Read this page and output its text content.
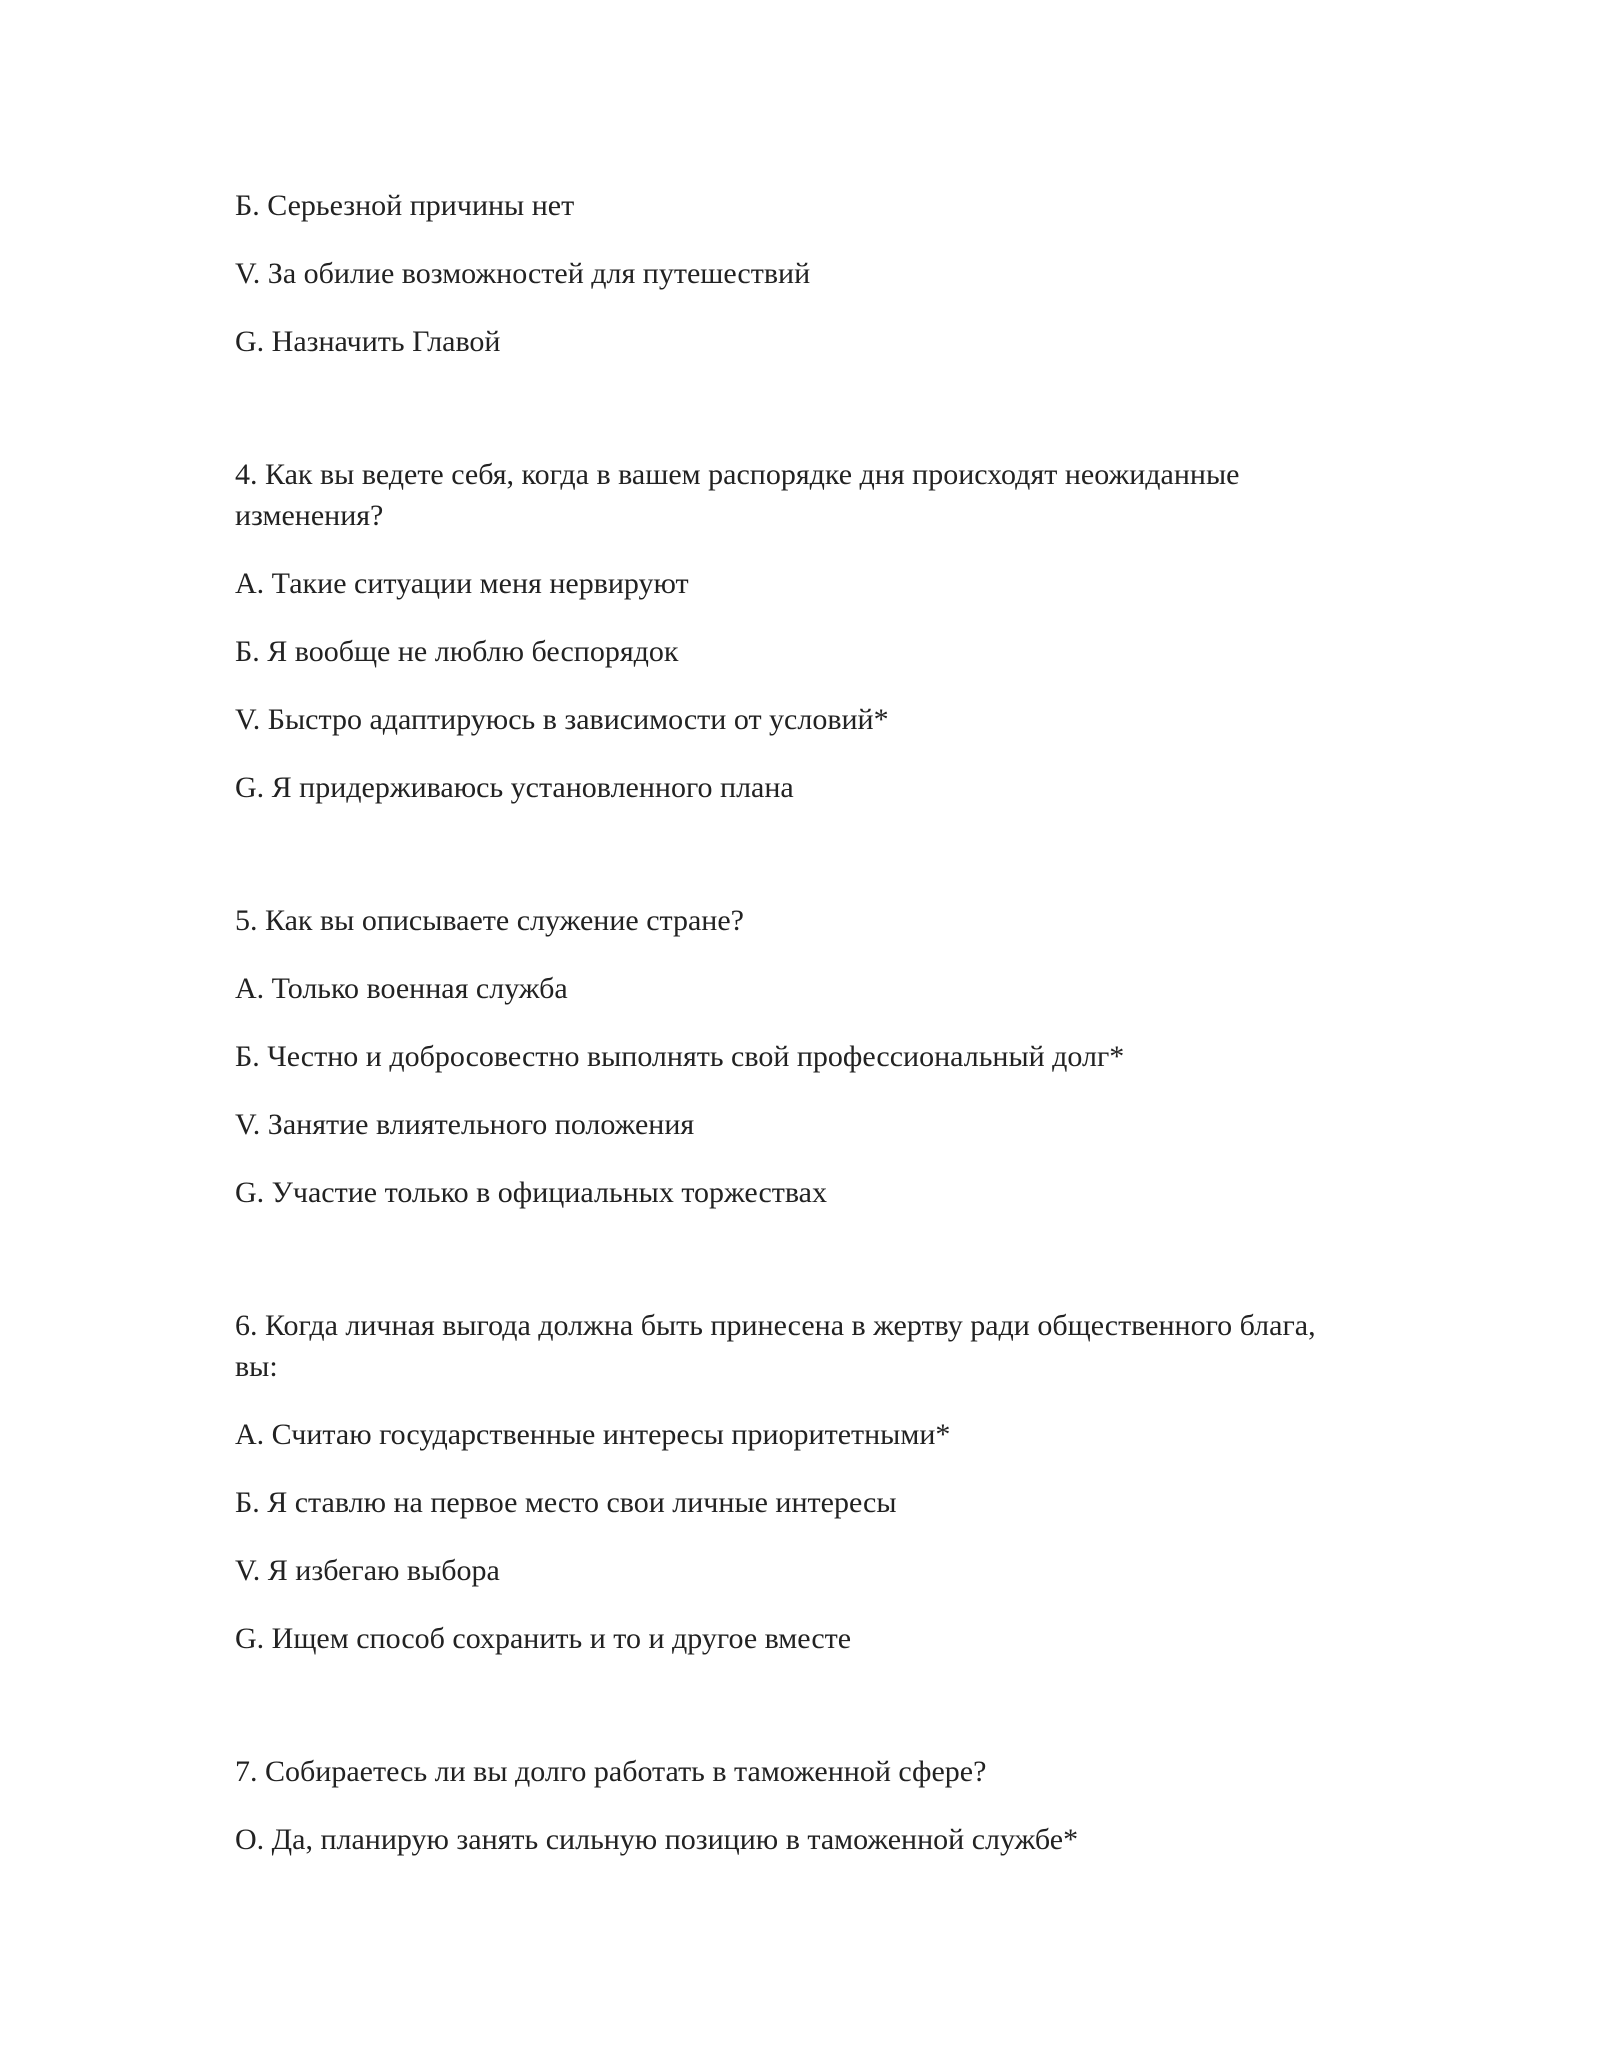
Б. Серьезной причины нет

V. За обилие возможностей для путешествий

G. Назначить Главой

4. Как вы ведете себя, когда в вашем распорядке дня происходят неожиданные изменения?

A. Такие ситуации меня нервируют

Б. Я вообще не люблю беспорядок

V. Быстро адаптируюсь в зависимости от условий*

G. Я придерживаюсь установленного плана

5. Как вы описываете служение стране?

A. Только военная служба

Б. Честно и добросовестно выполнять свой профессиональный долг*

V. Занятие влиятельного положения

G. Участие только в официальных торжествах

6. Когда личная выгода должна быть принесена в жертву ради общественного блага, вы:

A. Считаю государственные интересы приоритетными*

Б. Я ставлю на первое место свои личные интересы

V. Я избегаю выбора

G. Ищем способ сохранить и то и другое вместе

7. Собираетесь ли вы долго работать в таможенной сфере?

O. Да, планирую занять сильную позицию в таможенной службе*
